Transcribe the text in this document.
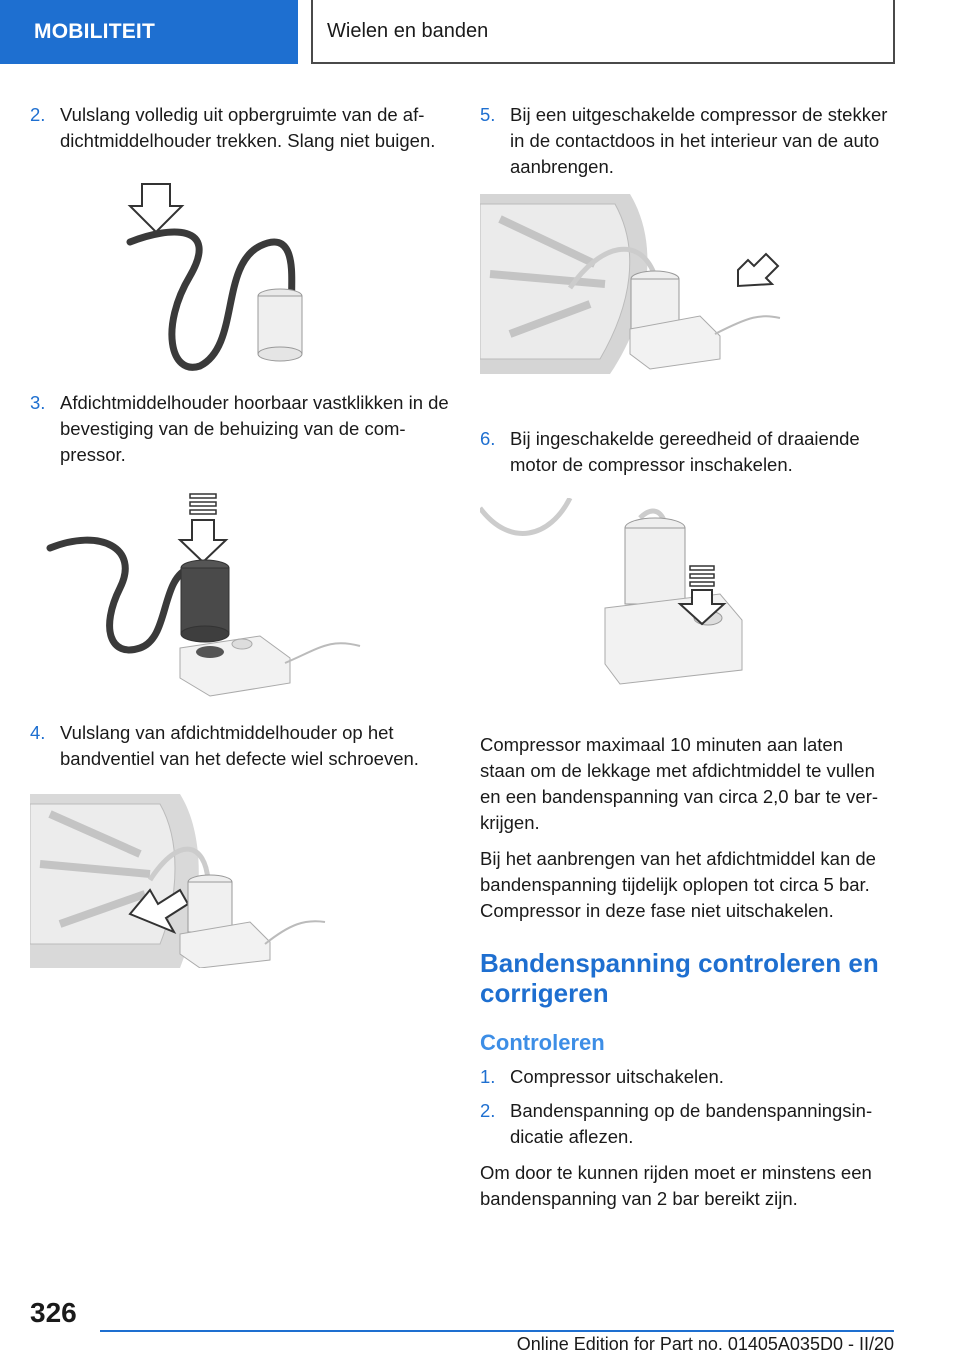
MOBILITEIT	Wielen en banden
2. Vulslang volledig uit opbergruimte van de afdichtmiddelhouder trekken. Slang niet buigen.
3. Afdichtmiddelhouder hoorbaar vastklikken in de bevestiging van de behuizing van de compressor.
4. Vulslang van afdichtmiddelhouder op het bandventiel van het defecte wiel schroeven.
5. Bij een uitgeschakelde compressor de stekker in de contactdoos in het interieur van de auto aanbrengen.
6. Bij ingeschakelde gereedheid of draaiende motor de compressor inschakelen.

Compressor maximaal 10 minuten aan laten staan om de lekkage met afdichtmiddel te vullen en een bandenspanning van circa 2,0 bar te verkrijgen.

Bij het aanbrengen van het afdichtmiddel kan de bandenspanning tijdelijk oplopen tot circa 5 bar. Compressor in deze fase niet uitschakelen.

Bandenspanning controleren en corrigeren
Controleren
1. Compressor uitschakelen.
2. Bandenspanning op de bandenspanningsindicatie aflezen.

Om door te kunnen rijden moet er minstens een bandenspanning van 2 bar bereikt zijn.

326
Online Edition for Part no. 01405A035D0 - II/20
